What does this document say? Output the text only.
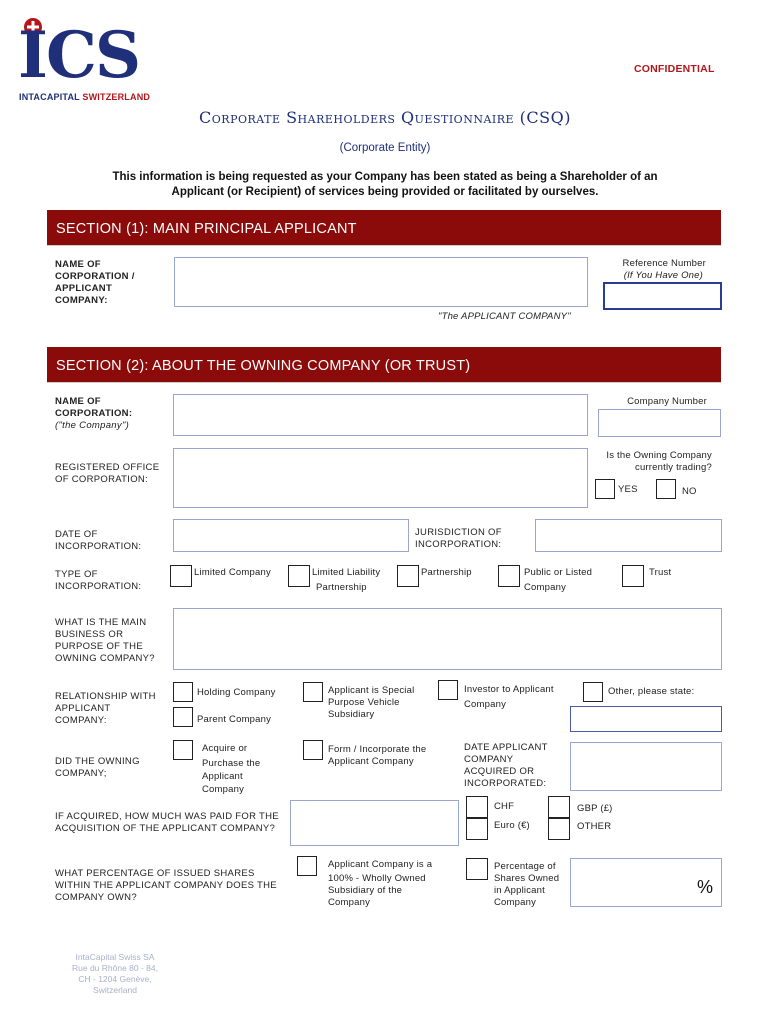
ICS
INTACAPITAL SWITZERLAND
CONFIDENTIAL
Corporate Shareholders Questionnaire (CSQ)
(Corporate Entity)
This information is being requested as your Company has been stated as being a Shareholder of an
Applicant (or Recipient) of services being provided or facilitated by ourselves.
SECTION (1): MAIN PRINCIPAL APPLICANT
NAME OF
CORPORATION /
APPLICANT
COMPANY:
Reference Number
(If You Have One)
"The APPLICANT COMPANY"
SECTION (2): ABOUT THE OWNING COMPANY (OR TRUST)
NAME OF
CORPORATION:
("the Company")
Company Number
REGISTERED OFFICE
OF CORPORATION:
Is the Owning Company
currently trading?
YES	NO
DATE OF
INCORPORATION:
JURISDICTION OF
INCORPORATION:
TYPE OF
INCORPORATION:
Limited Company	Limited Liability
Partnership
Partnership	Public or Listed
Company
Trust
WHAT IS THE MAIN
BUSINESS OR
PURPOSE OF THE
OWNING COMPANY?
RELATIONSHIP WITH
APPLICANT
COMPANY:
Holding Company
Parent Company
Applicant is Special
Purpose Vehicle
Subsidiary
Investor to Applicant
Company
Other, please state:
DID THE OWNING
COMPANY;
Acquire or
Purchase the
Applicant
Company
Form / Incorporate the
Applicant Company
DATE APPLICANT
COMPANY
ACQUIRED OR
INCORPORATED:
IF ACQUIRED, HOW MUCH WAS PAID FOR THE
ACQUISITION OF THE APPLICANT COMPANY?
CHF	GBP (£)
Euro (€)	OTHER
WHAT PERCENTAGE OF ISSUED SHARES
WITHIN THE APPLICANT COMPANY DOES THE
COMPANY OWN?
Applicant Company is a
100% - Wholly Owned
Subsidiary of the
Company
Percentage of
Shares Owned
in Applicant
Company
%
IntaCapital Swiss SA
Rue du Rhône 80 - 84,
CH - 1204 Genève,
Switzerland
